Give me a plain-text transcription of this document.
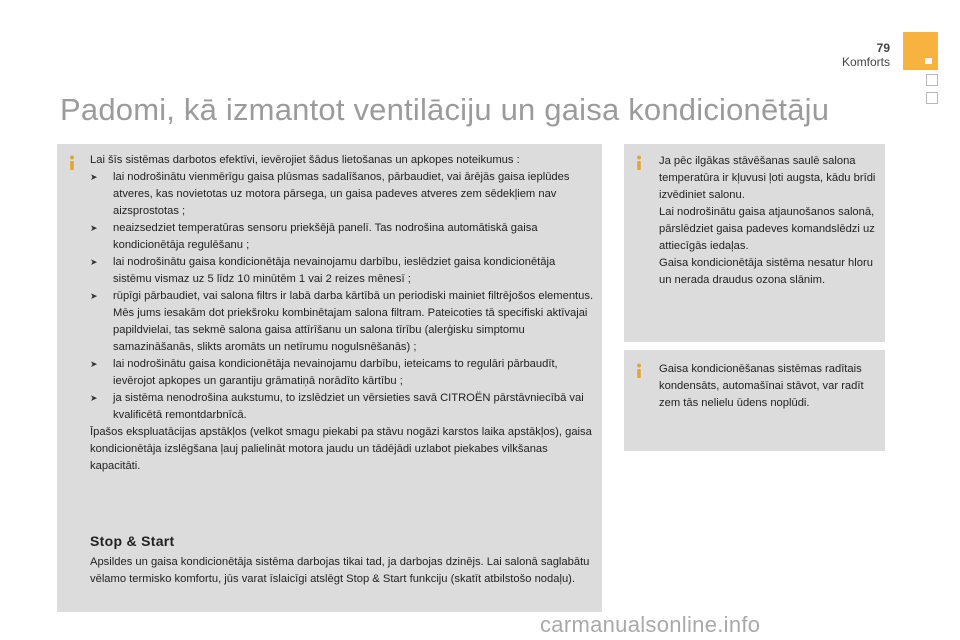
79
Komforts
Padomi, kā izmantot ventilāciju un gaisa kondicionētāju

Lai šīs sistēmas darbotos efektīvi, ievērojiet šādus lietošanas un apkopes noteikumus :

➤	lai nodrošinātu vienmērīgu gaisa plūsmas sadalīšanos, pārbaudiet, vai ārējās gaisa ieplūdes atveres, kas novietotas uz motora pārsega, un gaisa padeves atveres zem sēdekļiem nav aizsprostotas ;
➤	neaizsedziet temperatūras sensoru priekšējā panelī. Tas nodrošina automātiskā gaisa kondicionētāja regulēšanu ;
➤	lai nodrošinātu gaisa kondicionētāja nevainojamu darbību, ieslēdziet gaisa kondicionētāja sistēmu vismaz uz 5 līdz 10 minūtēm 1 vai 2 reizes mēnesī ;
➤	rūpīgi pārbaudiet, vai salona filtrs ir labā darba kārtībā un periodiski mainiet filtrējošos elementus.

Mēs jums iesakām dot priekšroku kombinētajam salona filtram. Pateicoties tā specifiski aktīvajai papildvielai, tas sekmē salona gaisa attīrīšanu un salona tīrību (alerģisku simptomu samazināšanās, slikts aromāts un netīrumu nogulsnēšanās) ;

➤	lai nodrošinātu gaisa kondicionētāja nevainojamu darbību, ieteicams to regulāri pārbaudīt, ievērojot apkopes un garantiju grāmatiņā norādīto kārtību ;
➤	ja sistēma nenodrošina aukstumu, to izslēdziet un vērsieties savā CITROËN pārstāvniecībā vai kvalificētā remontdarbnīcā.

Īpašos ekspluatācijas apstākļos (velkot smagu piekabi pa stāvu nogāzi karstos laika apstākļos), gaisa kondicionētāja izslēgšana ļauj palielināt motora jaudu un tādējādi uzlabot piekabes vilkšanas kapacitāti.

Stop & Start

Apsildes un gaisa kondicionētāja sistēma darbojas tikai tad, ja darbojas dzinējs. Lai salonā saglabātu vēlamo termisko komfortu, jūs varat īslaicīgi atslēgt Stop & Start funkciju (skatīt atbilstošo nodaļu).

Ja pēc ilgākas stāvēšanas saulē salona temperatūra ir kļuvusi ļoti augsta, kādu brīdi izvēdiniet salonu.

Lai nodrošinātu gaisa atjaunošanos salonā, pārslēdziet gaisa padeves komandslēdzi uz attiecīgās iedaļas.

Gaisa kondicionētāja sistēma nesatur hloru un nerada draudus ozona slānim.

Gaisa kondicionēšanas sistēmas radītais kondensāts, automašīnai stāvot, var radīt zem tās nelielu ūdens noplūdi.

carmanualsonline.info
